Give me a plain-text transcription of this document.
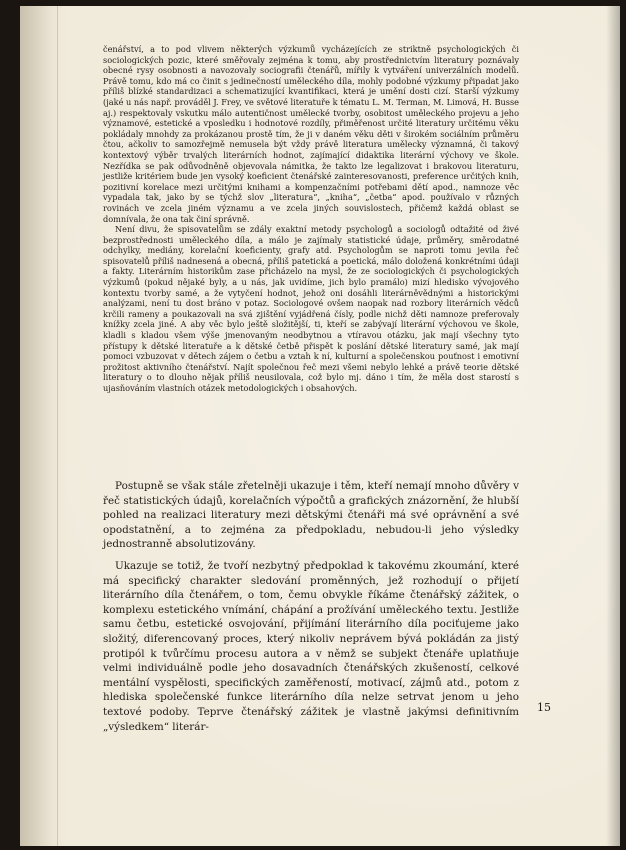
čenářství, a to pod vlivem některých výzkumů vycházejících ze striktně psychologických či sociologických pozic, které směřovaly zejména k tomu, aby prostřednictvím literatury poznávaly obecné rysy osobnosti a navozovaly sociografii čtenářů, mířily k vytváření univerzálních modelů. Právě tomu, kdo má co činit s jedinečností uměleckého díla, mohly podobné výzkumy připadat jako příliš blízké standardizaci a schematizující kvantifikaci, která je umění dosti cizí. Starší výzkumy (jaké u nás např. prováděl J. Frey, ve světové literatuře k tématu L. M. Terman, M. Limová, H. Busse aj.) respektovaly vskutku málo autentičnost umělecké tvorby, osobitost uměleckého projevu a jeho významové, estetické a vposledku i hodnotové rozdíly, přiměřenost určité literatury určitému věku pokládaly mnohdy za prokázanou prostě tím, že ji v daném věku děti v širokém sociálním průměru čtou, ačkoliv to samozřejmě nemusela být vždy právě literatura umělecky významná, či takový kontextový výběr trvalých literárních hodnot, zajímající didaktika literární výchovy ve škole. Nezřídka se pak odůvodněně objevovala námitka, že takto lze legalizovat i brakovou literaturu, jestliže kritériem bude jen vysoký koeficient čtenářské zainteresovanosti, preference určitých knih, pozitivní korelace mezi určitými knihami a kompenzačními potřebami dětí apod., namnoze věc vypadala tak, jako by se týchž slov „literatura“, „kniha“, „četba“ apod. používalo v různých rovinách ve zcela jiném významu a ve zcela jiných souvislostech, přičemž každá oblast se domnívala, že ona tak činí správně.

Není divu, že spisovatelům se zdály exaktní metody psychologů a sociologů odtažité od živé bezprostřednosti uměleckého díla, a málo je zajímaly statistické údaje, průměry, směrodatné odchylky, mediány, korelační koeficienty, grafy atd. Psychologům se naproti tomu jevila řeč spisovatelů příliš nadnesená a obecná, příliš patetická a poetická, málo doložená konkrétními údaji a fakty. Literárním historikům zase přicházelo na mysl, že ze sociologických či psychologických výzkumů (pokud nějaké byly, a u nás, jak uvidíme, jich bylo pramálo) mizí hledisko vývojového kontextu tvorby samé, a že vytyčení hodnot, jehož oni dosáhli literárněvědnými a historickými analýzami, není tu dost bráno v potaz. Sociologové ovšem naopak nad rozbory literárních vědců krčili rameny a poukazovali na svá zjištění vyjádřená čísly, podle nichž děti namnoze preferovaly knížky zcela jiné. A aby věc bylo ještě složitější, ti, kteří se zabývají literární výchovou ve škole, kladli s kladou všem výše jmenovaným neodbytnou a vtíravou otázku, jak mají všechny tyto přístupy k dětské literatuře a k dětské četbě přispět k poslání dětské literatury samé, jak mají pomoci vzbuzovat v dětech zájem o četbu a vztah k ní, kulturní a společenskou pouťnost i emotivní prožitost aktivního čtenářství. Najít společnou řeč mezi všemi nebylo lehké a právě teorie dětské literatury o to dlouho nějak příliš neusilovala, což bylo mj. dáno i tím, že měla dost starostí s ujasňováním vlastních otázek metodologických i obsahových.

Postupně se však stále zřetelněji ukazuje i těm, kteří nemají mnoho důvěry v řeč statistických údajů, korelačních výpočtů a grafických znázornění, že hlubší pohled na realizaci literatury mezi dětskými čtenáři má své oprávnění a své opodstatnění, a to zejména za předpokladu, nebudou-li jeho výsledky jednostranně absolutizovány.

Ukazuje se totiž, že tvoří nezbytný předpoklad k takovému zkoumání, které má specifický charakter sledování proměnných, jež rozhodují o přijetí literárního díla čtenářem, o tom, čemu obvykle říkáme čtenářský zážitek, o komplexu estetického vnímání, chápání a prožívání uměleckého textu. Jestliže samu četbu, estetické osvojování, přijímání literárního díla pociťujeme jako složitý, diferencovaný proces, který nikoliv neprávem bývá pokládán za jistý protipól k tvůrčímu procesu autora a v němž se subjekt čtenáře uplatňuje velmi individuálně podle jeho dosavadních čtenářských zkušeností, celkové mentální vyspělosti, specifických zaměřeností, motivací, zájmů atd., potom z hlediska společenské funkce literárního díla nelze setrvat jenom u jeho textové podoby. Teprve čtenářský zážitek je vlastně jakýmsi definitivním „výsledkem“ literár-

15
